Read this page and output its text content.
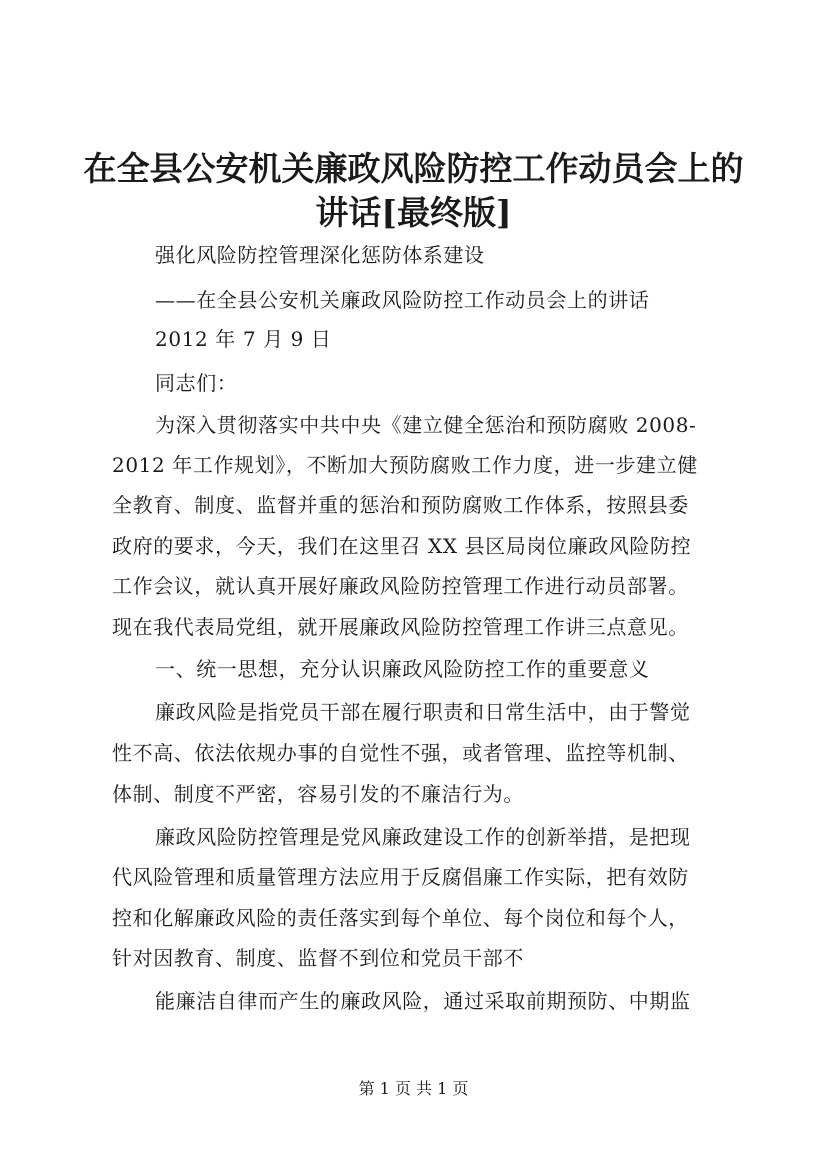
在全县公安机关廉政风险防控工作动员会上的
讲话[最终版]
强化风险防控管理深化惩防体系建设
——在全县公安机关廉政风险防控工作动员会上的讲话
2012 年 7 月 9 日
同志们：
为深入贯彻落实中共中央《建立健全惩治和预防腐败 2008-
2012 年工作规划》，不断加大预防腐败工作力度，进一步建立健
全教育、制度、监督并重的惩治和预防腐败工作体系，按照县委
政府的要求，今天，我们在这里召 XX 县区局岗位廉政风险防控
工作会议，就认真开展好廉政风险防控管理工作进行动员部署。
现在我代表局党组，就开展廉政风险防控管理工作讲三点意见。
一、统一思想，充分认识廉政风险防控工作的重要意义
廉政风险是指党员干部在履行职责和日常生活中，由于警觉
性不高、依法依规办事的自觉性不强，或者管理、监控等机制、
体制、制度不严密，容易引发的不廉洁行为。
廉政风险防控管理是党风廉政建设工作的创新举措，是把现
代风险管理和质量管理方法应用于反腐倡廉工作实际，把有效防
控和化解廉政风险的责任落实到每个单位、每个岗位和每个人，
针对因教育、制度、监督不到位和党员干部不
能廉洁自律而产生的廉政风险，通过采取前期预防、中期监
第 1 页 共 1 页
